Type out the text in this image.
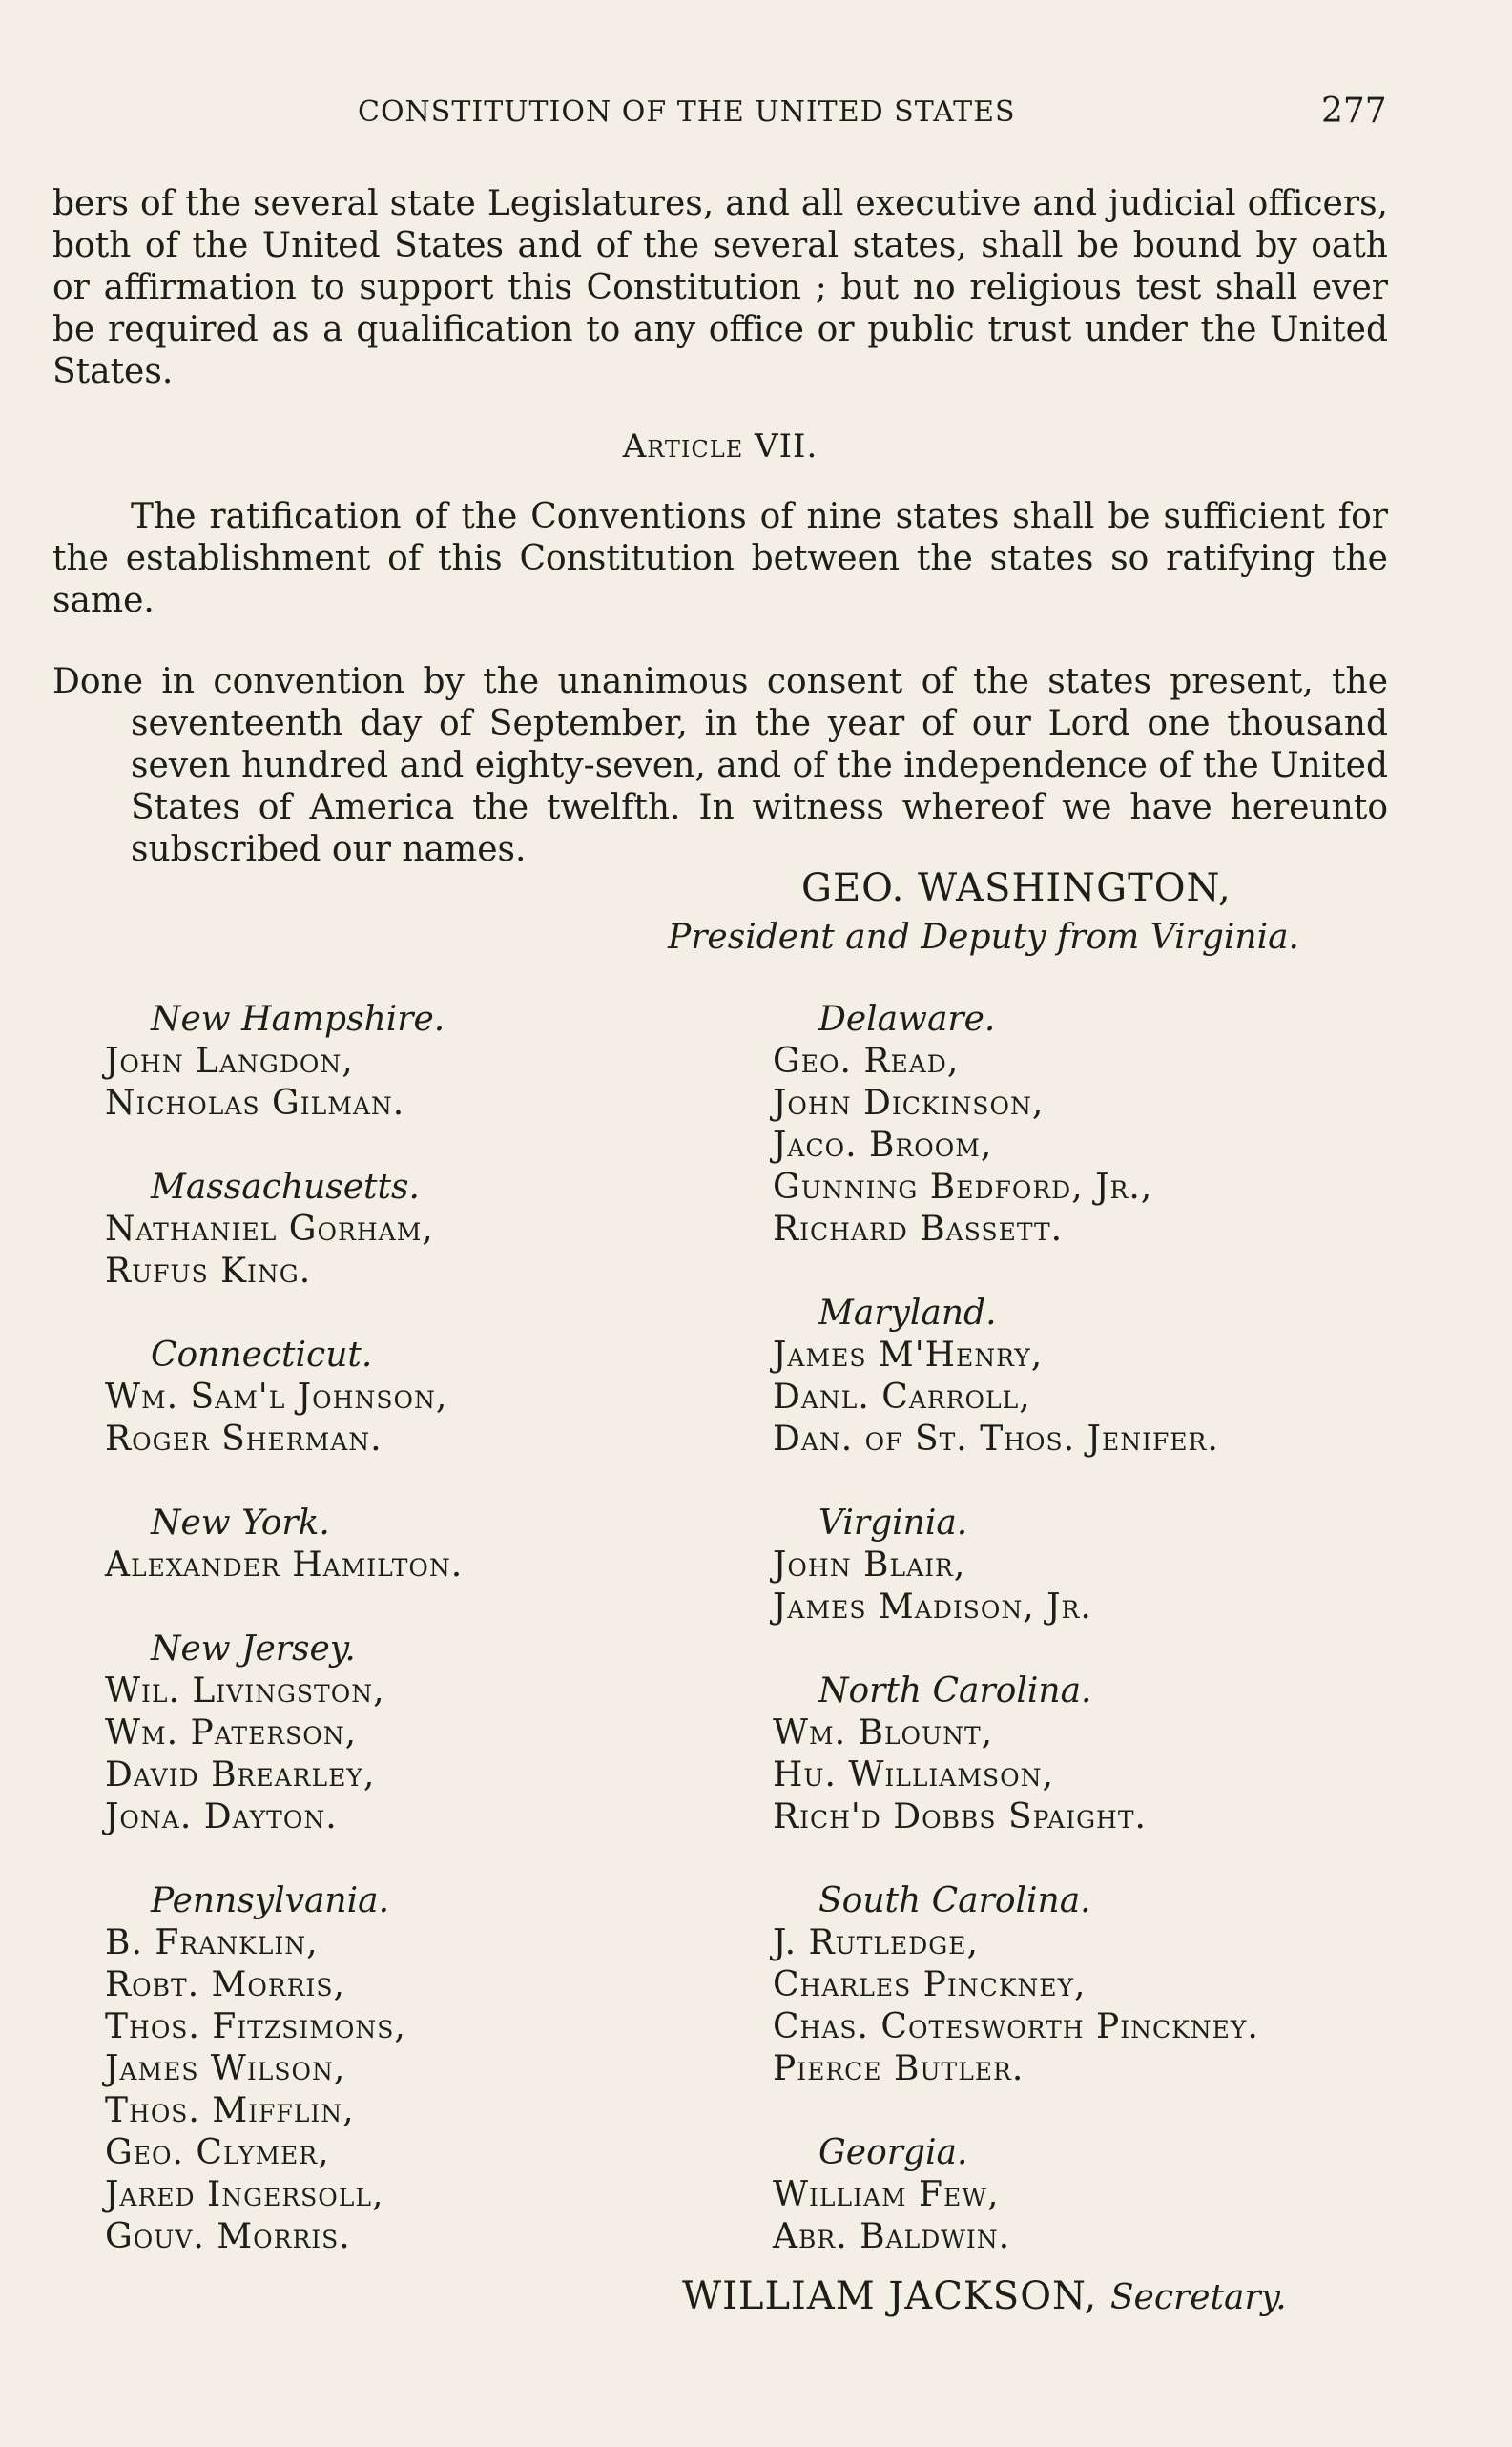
CONSTITUTION OF THE UNITED STATES	277

bers of the several state Legislatures, and all executive and judicial officers, both of the United States and of the several states, shall be bound by oath or affirmation to support this Constitution ; but no religious test shall ever be required as a qualification to any office or public trust under the United States.

Article VII.

The ratification of the Conventions of nine states shall be sufficient for the establishment of this Constitution between the states so ratifying the same.

Done in convention by the unanimous consent of the states present, the seventeenth day of September, in the year of our Lord one thousand seven hundred and eighty-seven, and of the independence of the United States of America the twelfth. In witness whereof we have hereunto subscribed our names.

GEO. WASHINGTON,
President and Deputy from Virginia.
New Hampshire.
John Langdon,
Nicholas Gilman.
Massachusetts.
Nathaniel Gorham,
Rufus King.
Connecticut.
Wm. Sam'l Johnson,
Roger Sherman.
New York.
Alexander Hamilton.
New Jersey.
Wil. Livingston,
Wm. Paterson,
David Brearley,
Jona. Dayton.
Pennsylvania.
B. Franklin,
Robt. Morris,
Thos. Fitzsimons,
James Wilson,
Thos. Mifflin,
Geo. Clymer,
Jared Ingersoll,
Gouv. Morris.
Delaware.
Geo. Read,
John Dickinson,
Jaco. Broom,
Gunning Bedford, Jr.,
Richard Bassett.
Maryland.
James M'Henry,
Danl. Carroll,
Dan. of St. Thos. Jenifer.
Virginia.
John Blair,
James Madison, Jr.
North Carolina.
Wm. Blount,
Hu. Williamson,
Rich'd Dobbs Spaight.
South Carolina.
J. Rutledge,
Charles Pinckney,
Chas. Cotesworth Pinckney.
Pierce Butler.
Georgia.
William Few,
Abr. Baldwin.
WILLIAM JACKSON, Secretary.
